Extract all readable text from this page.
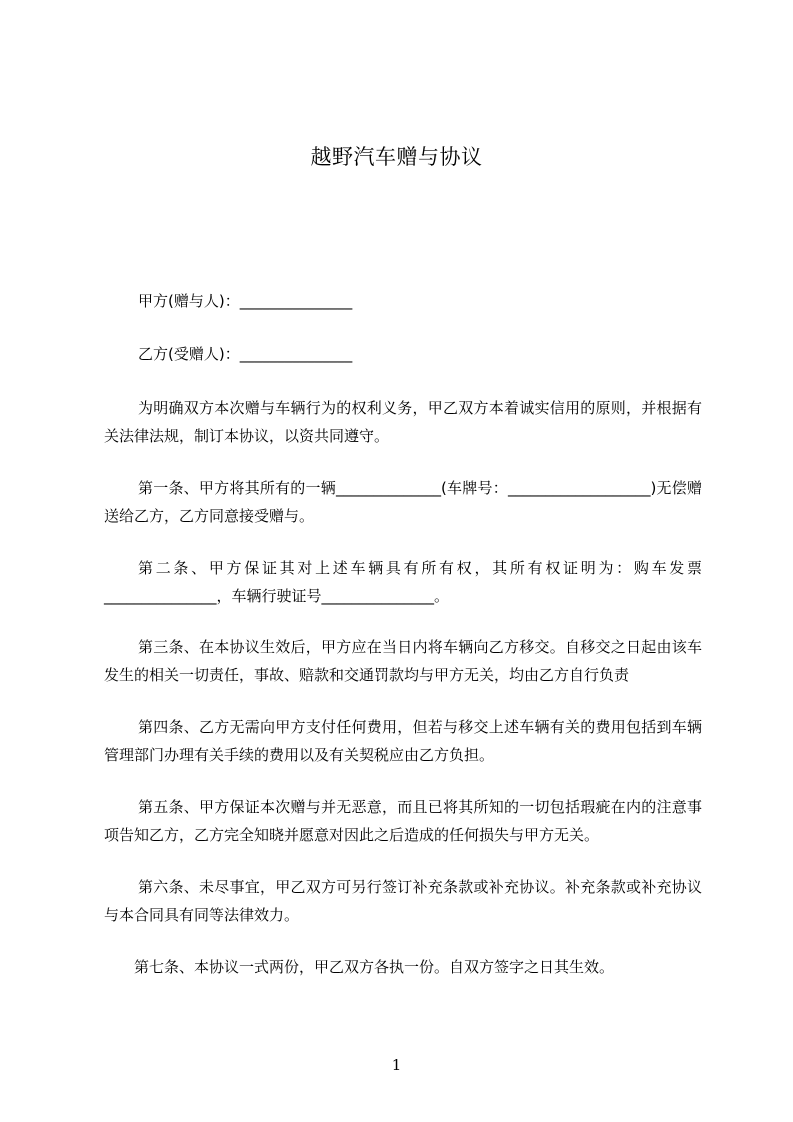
越野汽车赠与协议
甲方(赠与人)：_______________
乙方(受赠人)：_______________

为明确双方本次赠与车辆行为的权利义务，甲乙双方本着诚实信用的原则，并根据有关法律法规，制订本协议，以资共同遵守。

第一条、甲方将其所有的一辆______________(车牌号：___________________)无偿赠送给乙方，乙方同意接受赠与。

第二条、甲方保证其对上述车辆具有所有权，其所有权证明为：购车发票_______________，车辆行驶证号_______________。

第三条、在本协议生效后，甲方应在当日内将车辆向乙方移交。自移交之日起由该车发生的相关一切责任，事故、赔款和交通罚款均与甲方无关，均由乙方自行负责

第四条、乙方无需向甲方支付任何费用，但若与移交上述车辆有关的费用包括到车辆管理部门办理有关手续的费用以及有关契税应由乙方负担。

第五条、甲方保证本次赠与并无恶意，而且已将其所知的一切包括瑕疵在内的注意事项告知乙方，乙方完全知晓并愿意对因此之后造成的任何损失与甲方无关。

第六条、未尽事宜，甲乙双方可另行签订补充条款或补充协议。补充条款或补充协议与本合同具有同等法律效力。

第七条、本协议一式两份，甲乙双方各执一份。自双方签字之日其生效。

1
